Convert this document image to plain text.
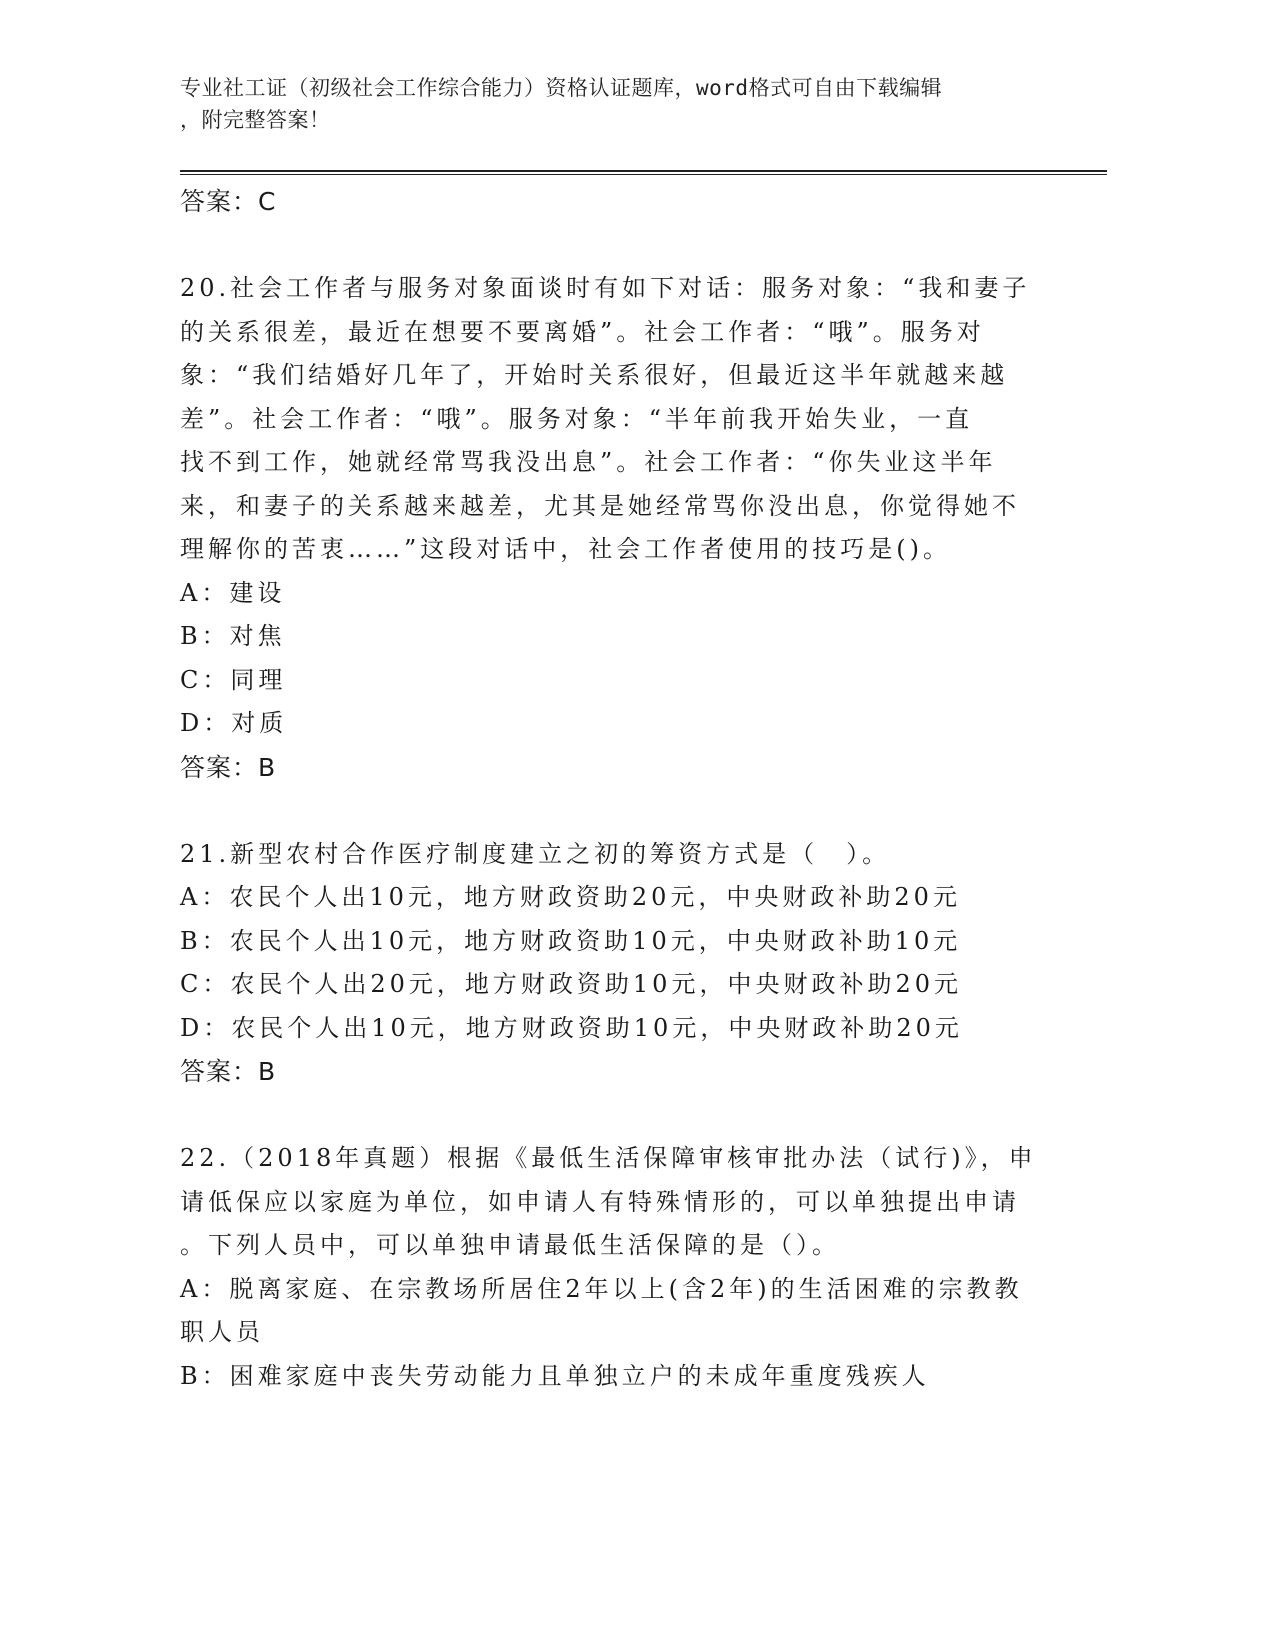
专业社工证（初级社会工作综合能力）资格认证题库，word格式可自由下载编辑
，附完整答案！
答案：C
20.社会工作者与服务对象面谈时有如下对话：服务对象：“我和妻子
的关系很差，最近在想要不要离婚”。社会工作者：“哦”。服务对
象：“我们结婚好几年了，开始时关系很好，但最近这半年就越来越
差”。社会工作者：“哦”。服务对象：“半年前我开始失业，一直
找不到工作，她就经常骂我没出息”。社会工作者：“你失业这半年
来，和妻子的关系越来越差，尤其是她经常骂你没出息，你觉得她不
理解你的苦衷……”这段对话中，社会工作者使用的技巧是()。
A：建设
B：对焦
C：同理
D：对质
答案：B
21.新型农村合作医疗制度建立之初的筹资方式是（　）。
A：农民个人出10元，地方财政资助20元，中央财政补助20元
B：农民个人出10元，地方财政资助10元，中央财政补助10元
C：农民个人出20元，地方财政资助10元，中央财政补助20元
D：农民个人出10元，地方财政资助10元，中央财政补助20元
答案：B
22.（2018年真题）根据《最低生活保障审核审批办法（试行)》，申
请低保应以家庭为单位，如申请人有特殊情形的，可以单独提出申请
。下列人员中，可以单独申请最低生活保障的是（）。
A：脱离家庭、在宗教场所居住2年以上(含2年)的生活困难的宗教教
职人员
B：困难家庭中丧失劳动能力且单独立户的未成年重度残疾人
